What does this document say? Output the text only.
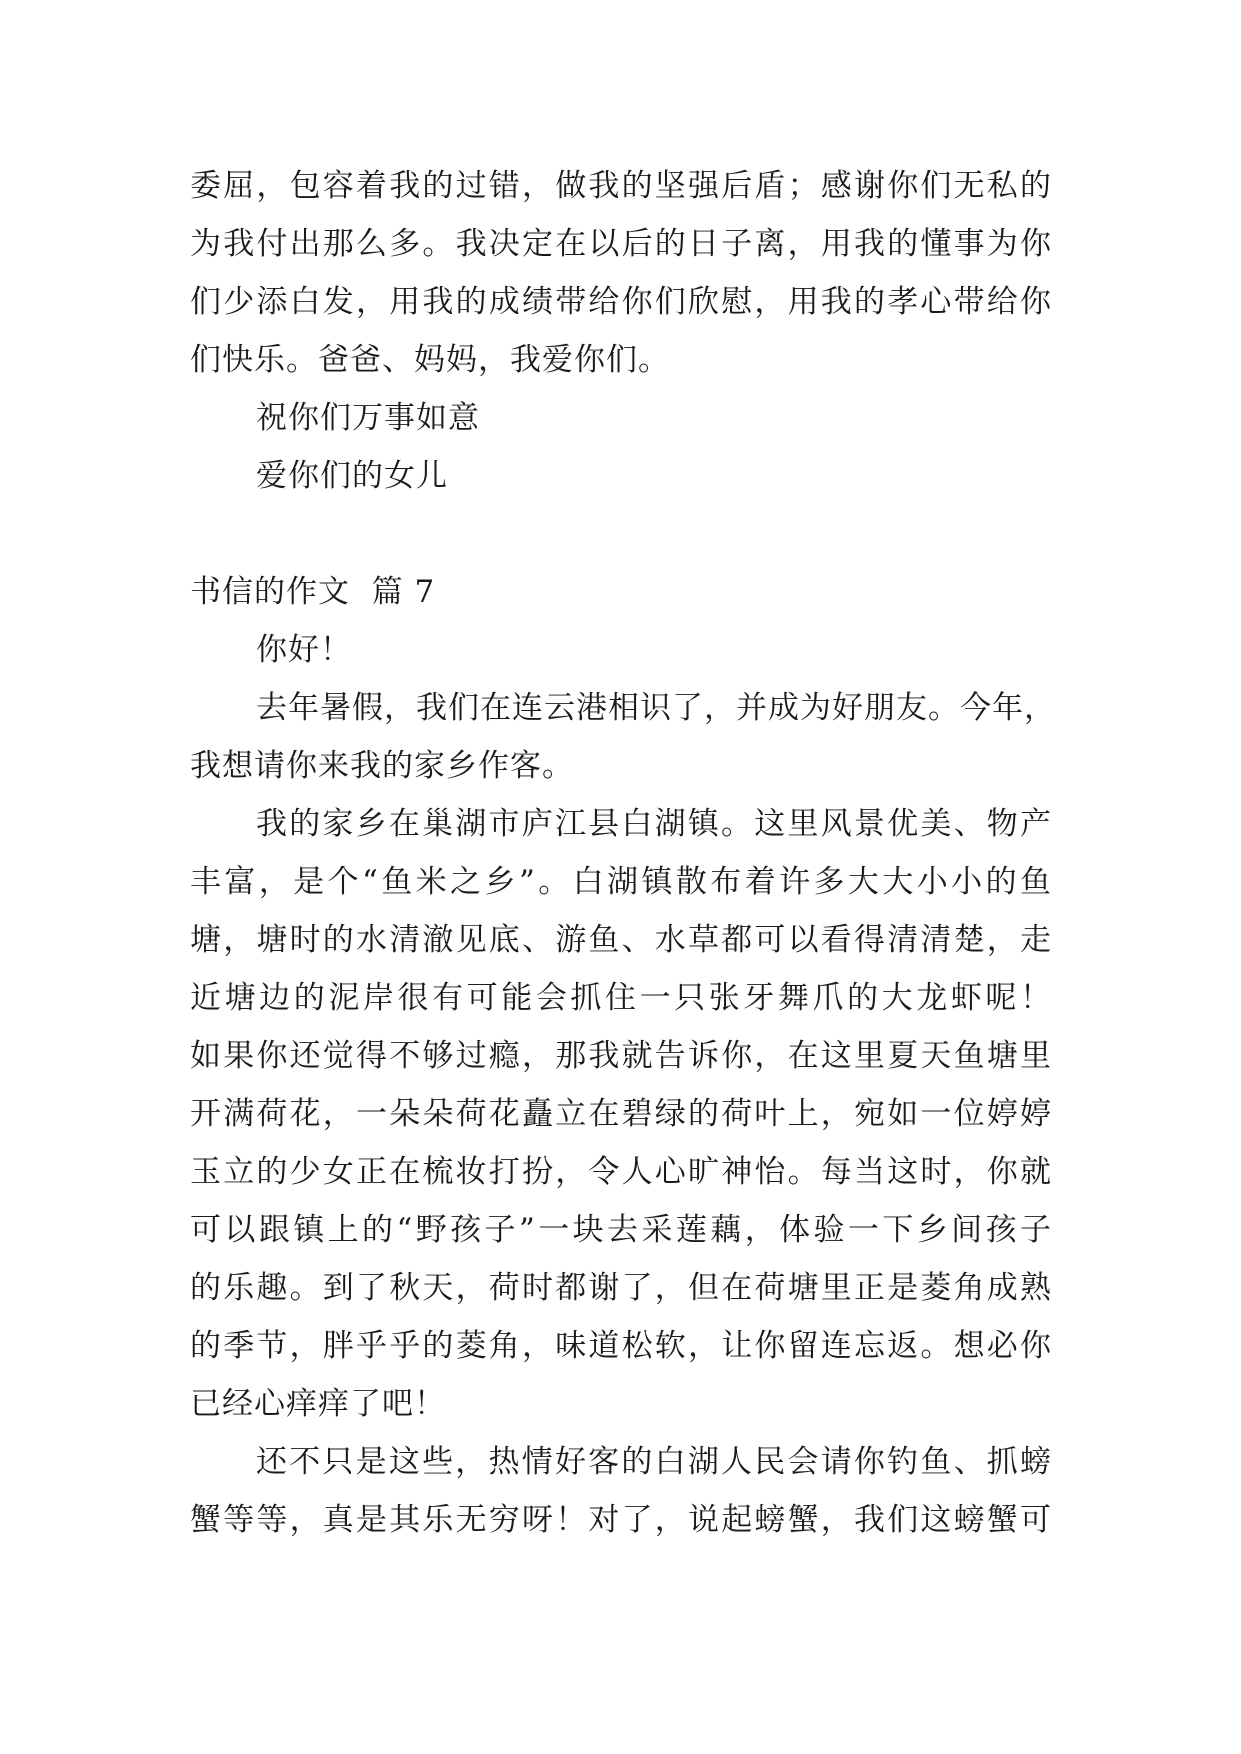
委屈，包容着我的过错，做我的坚强后盾；感谢你们无私的
为我付出那么多。我决定在以后的日子离，用我的懂事为你
们少添白发，用我的成绩带给你们欣慰，用我的孝心带给你
们快乐。爸爸、妈妈，我爱你们。
祝你们万事如意
爱你们的女儿
书信的作文  篇 7
你好！
去年暑假，我们在连云港相识了，并成为好朋友。今年，
我想请你来我的家乡作客。
我的家乡在巢湖市庐江县白湖镇。这里风景优美、物产
丰富，是个“鱼米之乡”。白湖镇散布着许多大大小小的鱼
塘，塘时的水清澈见底、游鱼、水草都可以看得清清楚，走
近塘边的泥岸很有可能会抓住一只张牙舞爪的大龙虾呢！
如果你还觉得不够过瘾，那我就告诉你，在这里夏天鱼塘里
开满荷花，一朵朵荷花矗立在碧绿的荷叶上，宛如一位婷婷
玉立的少女正在梳妆打扮，令人心旷神怡。每当这时，你就
可以跟镇上的“野孩子”一块去采莲藕，体验一下乡间孩子
的乐趣。到了秋天，荷时都谢了，但在荷塘里正是菱角成熟
的季节，胖乎乎的菱角，味道松软，让你留连忘返。想必你
已经心痒痒了吧！
还不只是这些，热情好客的白湖人民会请你钓鱼、抓螃
蟹等等，真是其乐无穷呀！对了，说起螃蟹，我们这螃蟹可
